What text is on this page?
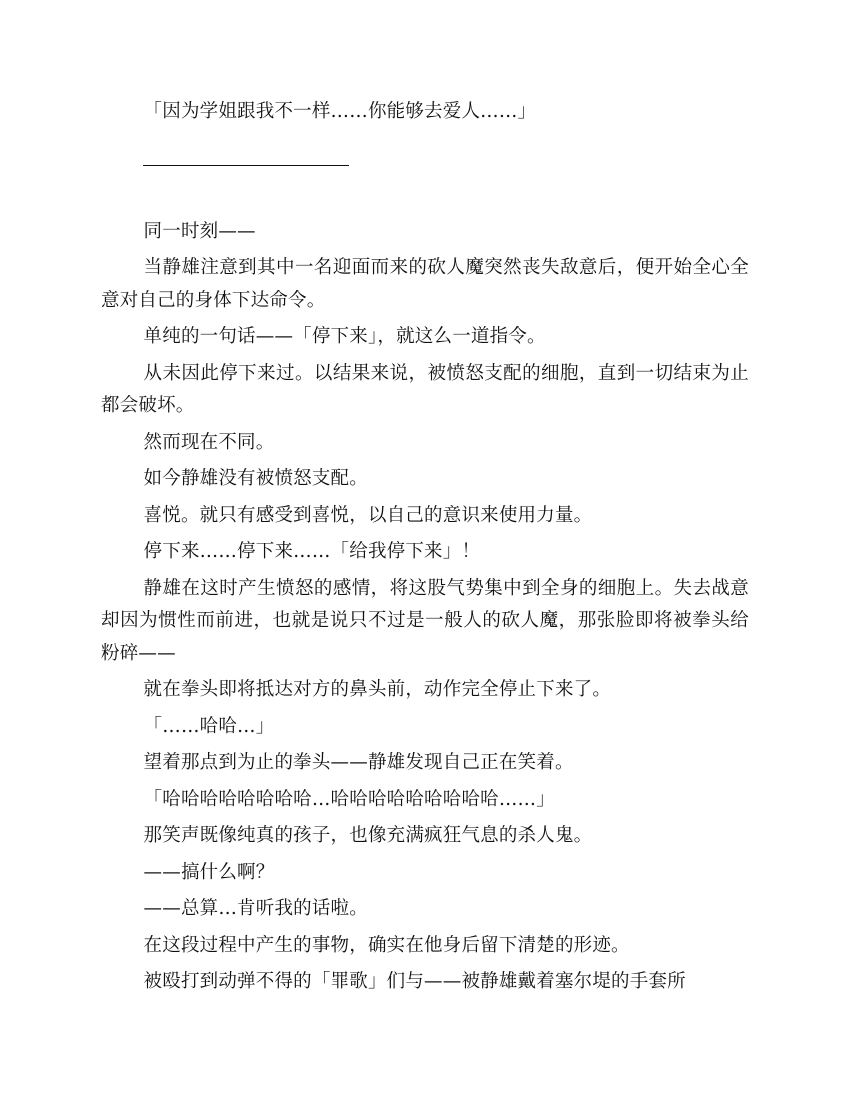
「因为学姐跟我不一样……你能够去爱人……」

同一时刻——

当静雄注意到其中一名迎面而来的砍人魔突然丧失敌意后，便开始全心全意对自己的身体下达命令。

单纯的一句话——「停下来」，就这么一道指令。

从未因此停下来过。以结果来说，被愤怒支配的细胞，直到一切结束为止都会破坏。

然而现在不同。

如今静雄没有被愤怒支配。

喜悦。就只有感受到喜悦，以自己的意识来使用力量。

停下来……停下来……「给我停下来」！

静雄在这时产生愤怒的感情，将这股气势集中到全身的细胞上。失去战意却因为惯性而前进，也就是说只不过是一般人的砍人魔，那张脸即将被拳头给粉碎——

就在拳头即将抵达对方的鼻头前，动作完全停止下来了。

「……哈哈…」

望着那点到为止的拳头——静雄发现自己正在笑着。

「哈哈哈哈哈哈哈哈…哈哈哈哈哈哈哈哈哈……」

那笑声既像纯真的孩子，也像充满疯狂气息的杀人鬼。

——搞什么啊？

——总算…肯听我的话啦。

在这段过程中产生的事物，确实在他身后留下清楚的形迹。

被殴打到动弹不得的「罪歌」们与——被静雄戴着塞尔堤的手套所
